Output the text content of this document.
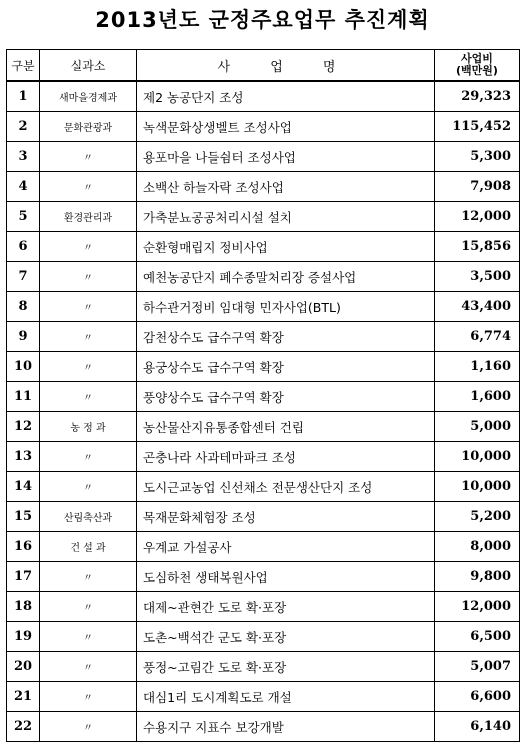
2013년도 군정주요업무 추진계획
구분	실과소	사 업 명	사업비
(백만원)

1	새마을경제과	제2 농공단지 조성	29,323
2	문화관광과	녹색문화상생벨트 조성사업	115,452
3	〃	용포마을 나들쉼터 조성사업	5,300
4	〃	소백산 하늘자락 조성사업	7,908
5	환경관리과	가축분뇨공공처리시설 설치	12,000
6	〃	순환형매립지 정비사업	15,856
7	〃	예천농공단지 폐수종말처리장 증설사업	3,500
8	〃	하수관거정비 임대형 민자사업(BTL)	43,400
9	〃	감천상수도 급수구역 확장	6,774
10	〃	용궁상수도 급수구역 확장	1,160
11	〃	풍양상수도 급수구역 확장	1,600
12	농 정 과	농산물산지유통종합센터 건립	5,000
13	〃	곤충나라 사과테마파크 조성	10,000
14	〃	도시근교농업 신선채소 전문생산단지 조성	10,000
15	산림축산과	목재문화체험장 조성	5,200
16	건 설 과	우계교 가설공사	8,000
17	〃	도심하천 생태복원사업	9,800
18	〃	대제~관현간 도로 확·포장	12,000
19	〃	도촌~백석간 군도 확·포장	6,500
20	〃	풍정~고림간 도로 확·포장	5,007
21	〃	대심1리 도시계획도로 개설	6,600
22	〃	수용지구 지표수 보강개발	6,140
